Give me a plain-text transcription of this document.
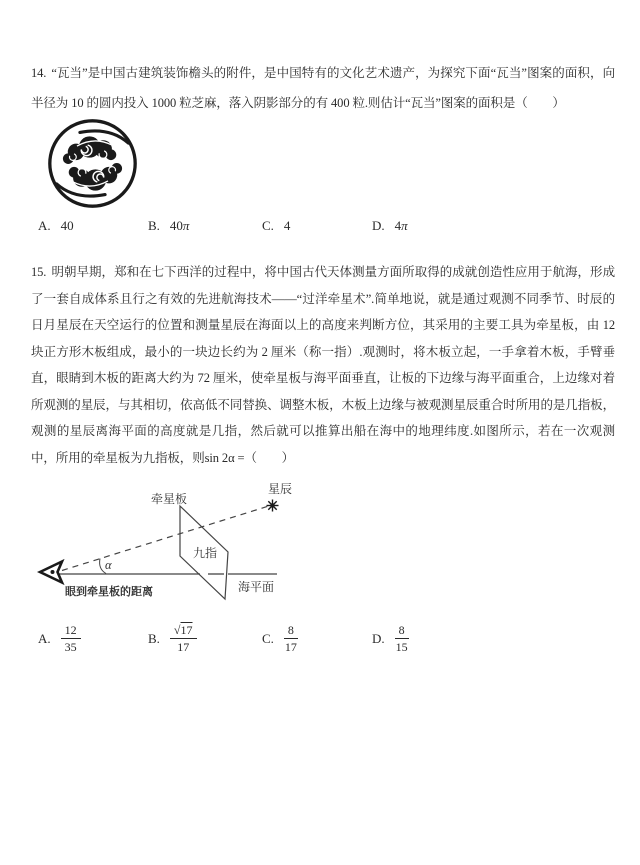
14. “瓦当”是中国古建筑装饰檐头的附件，是中国特有的文化艺术遗产，为探究下面“瓦当”图案的面积，向半径为 10 的圆内投入 1000 粒芝麻，落入阴影部分的有 400 粒.则估计“瓦当”图案的面积是（　　）
A. 40	B. 40 π	C. 4	D. 4 π
15. 明朝早期，郑和在七下西洋的过程中，将中国古代天体测量方面所取得的成就创造性应用于航海，形成了一套自成体系且行之有效的先进航海技术——“过洋牵星术”.简单地说，就是通过观测不同季节、时辰的日月星辰在天空运行的位置和测量星辰在海面以上的高度来判断方位，其采用的主要工具为牵星板，由 12 块正方形木板组成，最小的一块边长约为 2 厘米（称一指）.观测时，将木板立起，一手拿着木板，手臂垂直，眼睛到木板的距离大约为 72 厘米，使牵星板与海平面垂直，让板的下边缘与海平面重合，上边缘对着所观测的星辰，与其相切，依高低不同替换、调整木板，木板上边缘与被观测星辰重合时所用的是几指板，观测的星辰离海平面的高度就是几指，然后就可以推算出船在海中的地理纬度.如图所示，若在一次观测中，所用的牵星板为九指板，则sin 2α =（　　）
牵星板
星辰
九指
海平面
眼到牵星板的距离
α
A. $\frac{12}{35}$	B. $\frac{√17}{17}$	C. $\frac{8}{17}$	D. $\frac{8}{15}$
